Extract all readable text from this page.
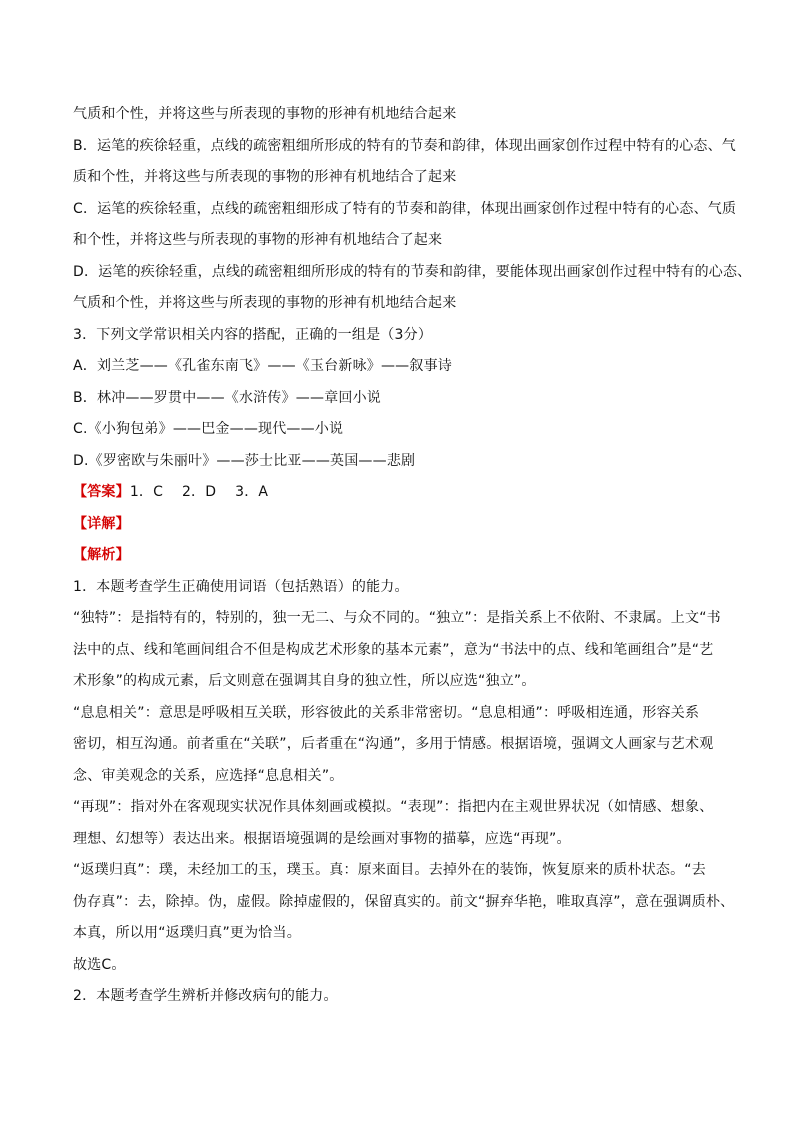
气质和个性，并将这些与所表现的事物的形神有机地结合起来
B．运笔的疾徐轻重，点线的疏密粗细所形成的特有的节奏和韵律，体现出画家创作过程中特有的心态、气
质和个性，并将这些与所表现的事物的形神有机地结合了起来
C．运笔的疾徐轻重，点线的疏密粗细形成了特有的节奏和韵律，体现出画家创作过程中特有的心态、气质
和个性，并将这些与所表现的事物的形神有机地结合了起来
D．运笔的疾徐轻重，点线的疏密粗细所形成的特有的节奏和韵律，要能体现出画家创作过程中特有的心态、
气质和个性，并将这些与所表现的事物的形神有机地结合起来
3．下列文学常识相关内容的搭配，正确的一组是（3分）
A．刘兰芝——《孔雀东南飞》——《玉台新咏》——叙事诗
B．林冲——罗贯中——《水浒传》——章回小说
C.《小狗包弟》——巴金——现代——小说
D.《罗密欧与朱丽叶》——莎士比亚——英国——悲剧
【答案】1．C　 2．D　 3．A
【详解】
【解析】
1．本题考查学生正确使用词语（包括熟语）的能力。
“独特”：是指特有的，特别的，独一无二、与众不同的。“独立”：是指关系上不依附、不隶属。上文“书
法中的点、线和笔画间组合不但是构成艺术形象的基本元素”，意为“书法中的点、线和笔画组合”是“艺
术形象”的构成元素，后文则意在强调其自身的独立性，所以应选“独立”。
“息息相关”：意思是呼吸相互关联，形容彼此的关系非常密切。“息息相通”：呼吸相连通，形容关系
密切，相互沟通。前者重在“关联”，后者重在“沟通”，多用于情感。根据语境，强调文人画家与艺术观
念、审美观念的关系，应选择“息息相关”。
“再现”：指对外在客观现实状况作具体刻画或模拟。“表现”：指把内在主观世界状况（如情感、想象、
理想、幻想等）表达出来。根据语境强调的是绘画对事物的描摹，应选“再现”。
“返璞归真”：璞，未经加工的玉，璞玉。真：原来面目。去掉外在的装饰，恢复原来的质朴状态。“去
伪存真”：去，除掉。伪，虚假。除掉虚假的，保留真实的。前文“摒弃华艳，唯取真淳”，意在强调质朴、
本真，所以用“返璞归真”更为恰当。
故选C。
2．本题考查学生辨析并修改病句的能力。
